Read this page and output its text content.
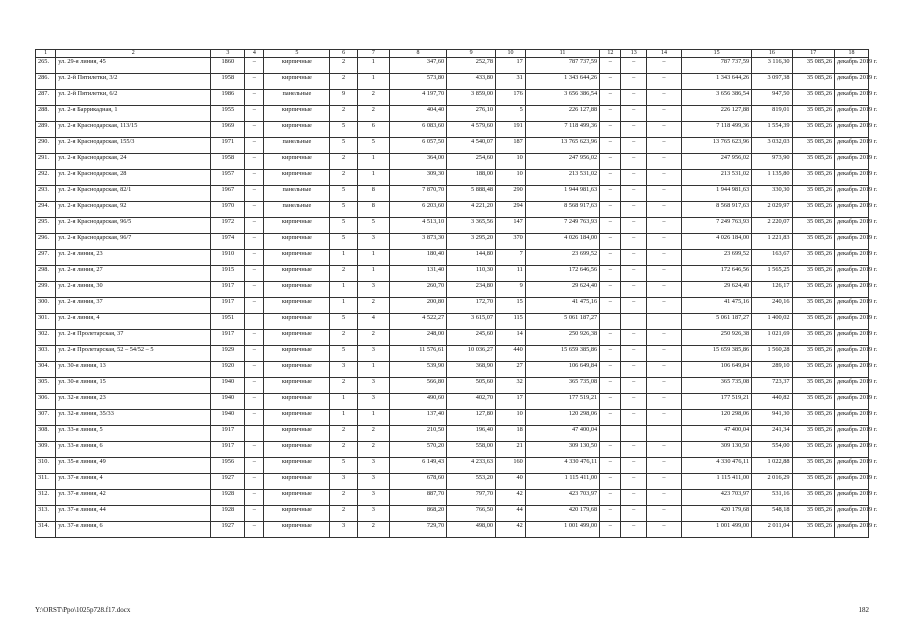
1	2	3	4	5	6	7	8	9	10	11	12	13	14	15	16	17	18
265.	ул. 29-я линия, 45	1860	–	кирпичные	2	1	347,60	252,78	17	787 737,59	–	–	–	787 737,59	3 116,30	35 085,26	декабрь 2019 г.
286.	ул. 2-й Пятилетки, 3/2	1958	–	кирпичные	2	1	573,80	433,80	31	1 343 644,26	–	–	–	1 343 644,26	3 097,38	35 085,26	декабрь 2019 г.
287.	ул. 2-й Пятилетки, 6/2	1986	–	панельные	9	2	4 197,70	3 859,00	176	3 656 386,54	–	–	–	3 656 386,54	947,50	35 085,26	декабрь 2019 г.
288.	ул. 2-я Баррикадная, 1	1955	–	кирпичные	2	2	404,40	276,10	5	226 127,88	–	–	–	226 127,88	819,01	35 085,26	декабрь 2019 г.
289.	ул. 2-я Краснодарская, 113/15	1969	–	кирпичные	5	6	6 083,60	4 579,60	191	7 118 499,36	–	–	–	7 118 499,36	1 554,39	35 085,26	декабрь 2019 г.
290.	ул. 2-я Краснодарская, 155/3	1971	–	панельные	5	5	6 057,50	4 540,07	187	13 765 623,96	–	–	–	13 765 623,96	3 032,03	35 085,26	декабрь 2019 г.
291.	ул. 2-я Краснодарская, 24	1958	–	кирпичные	2	1	364,00	254,60	10	247 956,02	–	–	–	247 956,02	973,90	35 085,26	декабрь 2019 г.
292.	ул. 2-я Краснодарская, 28	1957	–	кирпичные	2	1	309,30	188,00	10	213 531,02	–	–	–	213 531,02	1 135,80	35 085,26	декабрь 2019 г.
293.	ул. 2-я Краснодарская, 82/1	1967	–	панельные	5	8	7 870,70	5 888,48	290	1 944 981,63	–	–	–	1 944 981,63	330,30	35 085,26	декабрь 2019 г.
294.	ул. 2-я Краснодарская, 92	1970	–	панельные	5	8	6 203,60	4 221,20	294	8 568 917,63	–	–	–	8 568 917,63	2 029,97	35 085,26	декабрь 2019 г.
295.	ул. 2-я Краснодарская, 96/5	1972	–	кирпичные	5	5	4 513,10	3 365,56	147	7 249 763,93	–	–	–	7 249 763,93	2 220,07	35 085,26	декабрь 2019 г.
296.	ул. 2-я Краснодарская, 96/7	1974	–	кирпичные	5	3	3 873,30	3 295,20	370	4 026 184,00	–	–	–	4 026 184,00	1 221,83	35 085,26	декабрь 2019 г.
297.	ул. 2-я линия, 23	1910	–	кирпичные	1	1	180,40	144,80	7	23 699,52	–	–	–	23 699,52	163,67	35 085,26	декабрь 2019 г.
298.	ул. 2-я линия, 27	1915	–	кирпичные	2	1	131,40	110,30	11	172 646,56	–	–	–	172 646,56	1 565,25	35 085,26	декабрь 2019 г.
299.	ул. 2-я линия, 30	1917	–	кирпичные	1	3	260,70	234,80	9	29 624,40	–	–	–	29 624,40	126,17	35 085,26	декабрь 2019 г.
300.	ул. 2-я линия, 37	1917	–	кирпичные	1	2	200,80	172,70	15	41 475,16	–	–	–	41 475,16	240,16	35 085,26	декабрь 2019 г.
301.	ул. 2-я линия, 4	1951		кирпичные	5	4	4 522,27	3 615,07	115	5 061 187,27				5 061 187,27	1 400,02	35 085,26	декабрь 2019 г.
302.	ул. 2-я Пролетарская, 37	1917	–	кирпичные	2	2	248,00	245,60	14	250 926,38	–	–	–	250 926,38	1 021,69	35 085,26	декабрь 2019 г.
303.	ул. 2-я Пролетарская, 52 – 54/52 – 5	1929	–	кирпичные	5	3	11 576,61	10 036,27	440	15 659 385,86	–	–	–	15 659 385,86	1 560,28	35 085,26	декабрь 2019 г.
304.	ул. 30-я линия, 13	1920	–	кирпичные	3	1	539,90	368,90	27	106 649,84	–	–	–	106 649,84	289,10	35 085,26	декабрь 2019 г.
305.	ул. 30-я линия, 15	1940	–	кирпичные	2	3	566,80	505,60	32	365 735,08	–	–	–	365 735,08	723,37	35 085,26	декабрь 2019 г.
306.	ул. 32-я линия, 23	1940	–	кирпичные	1	3	490,60	402,70	17	177 519,21	–	–	–	177 519,21	440,82	35 085,26	декабрь 2019 г.
307.	ул. 32-я линия, 35/33	1940	–	кирпичные	1	1	137,40	127,80	10	120 298,06	–	–	–	120 298,06	941,30	35 085,26	декабрь 2019 г.
308.	ул. 33-я линия, 5	1917		кирпичные	2	2	210,50	196,40	18	47 400,04				47 400,04	241,34	35 085,26	декабрь 2019 г.
309.	ул. 33-я линия, 6	1917	–	кирпичные	2	2	570,20	558,00	21	309 130,50	–	–	–	309 130,50	554,00	35 085,26	декабрь 2019 г.
310.	ул. 35-я линия, 49	1956	–	кирпичные	5	3	6 149,43	4 233,63	160	4 330 476,11	–	–	–	4 330 476,11	1 022,88	35 085,26	декабрь 2019 г.
311.	ул. 37-я линия, 4	1927	–	кирпичные	3	3	678,60	553,20	40	1 115 411,00	–	–	–	1 115 411,00	2 016,29	35 085,26	декабрь 2019 г.
312.	ул. 37-я линия, 42	1928	–	кирпичные	2	3	887,70	797,70	42	423 703,97	–	–	–	423 703,97	531,16	35 085,26	декабрь 2019 г.
313.	ул. 37-я линия, 44	1928	–	кирпичные	2	3	868,20	766,50	44	420 179,68	–	–	–	420 179,68	548,18	35 085,26	декабрь 2019 г.
314.	ул. 37-я линия, 6	1927	–	кирпичные	3	2	729,70	498,00	42	1 001 499,00	–	–	–	1 001 499,00	2 011,04	35 085,26	декабрь 2019 г.
Y:\ORST\Ppo\1025p728.f17.docx	182
